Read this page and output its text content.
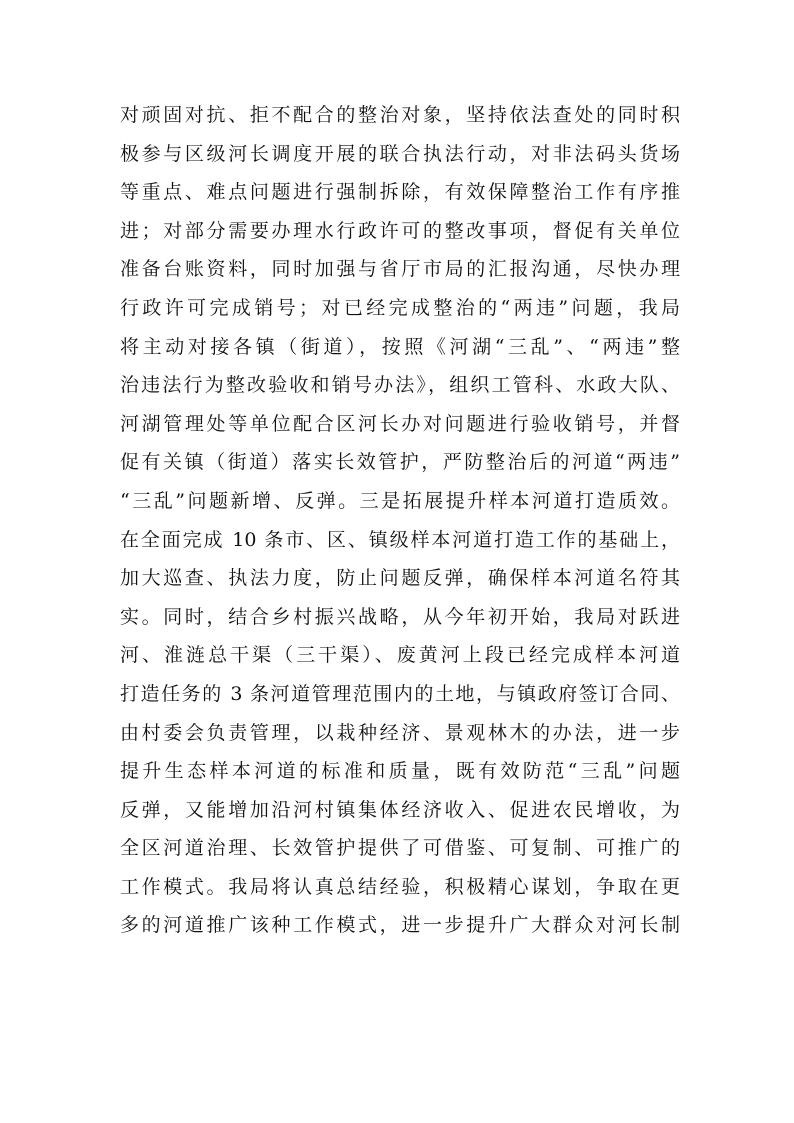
对顽固对抗、拒不配合的整治对象，坚持依法查处的同时积
极参与区级河长调度开展的联合执法行动，对非法码头货场
等重点、难点问题进行强制拆除，有效保障整治工作有序推
进；对部分需要办理水行政许可的整改事项，督促有关单位
准备台账资料，同时加强与省厅市局的汇报沟通，尽快办理
行政许可完成销号；对已经完成整治的“两违”问题，我局
将主动对接各镇（街道），按照《河湖“三乱”、“两违”整
治违法行为整改验收和销号办法》，组织工管科、水政大队、
河湖管理处等单位配合区河长办对问题进行验收销号，并督
促有关镇（街道）落实长效管护，严防整治后的河道“两违”
“三乱”问题新增、反弹。三是拓展提升样本河道打造质效。
在全面完成 10 条市、区、镇级样本河道打造工作的基础上，
加大巡查、执法力度，防止问题反弹，确保样本河道名符其
实。同时，结合乡村振兴战略，从今年初开始，我局对跃进
河、淮涟总干渠（三干渠）、废黄河上段已经完成样本河道
打造任务的 3 条河道管理范围内的土地，与镇政府签订合同、
由村委会负责管理，以栽种经济、景观林木的办法，进一步
提升生态样本河道的标准和质量，既有效防范“三乱”问题
反弹，又能增加沿河村镇集体经济收入、促进农民增收，为
全区河道治理、长效管护提供了可借鉴、可复制、可推广的
工作模式。我局将认真总结经验，积极精心谋划，争取在更
多的河道推广该种工作模式，进一步提升广大群众对河长制
